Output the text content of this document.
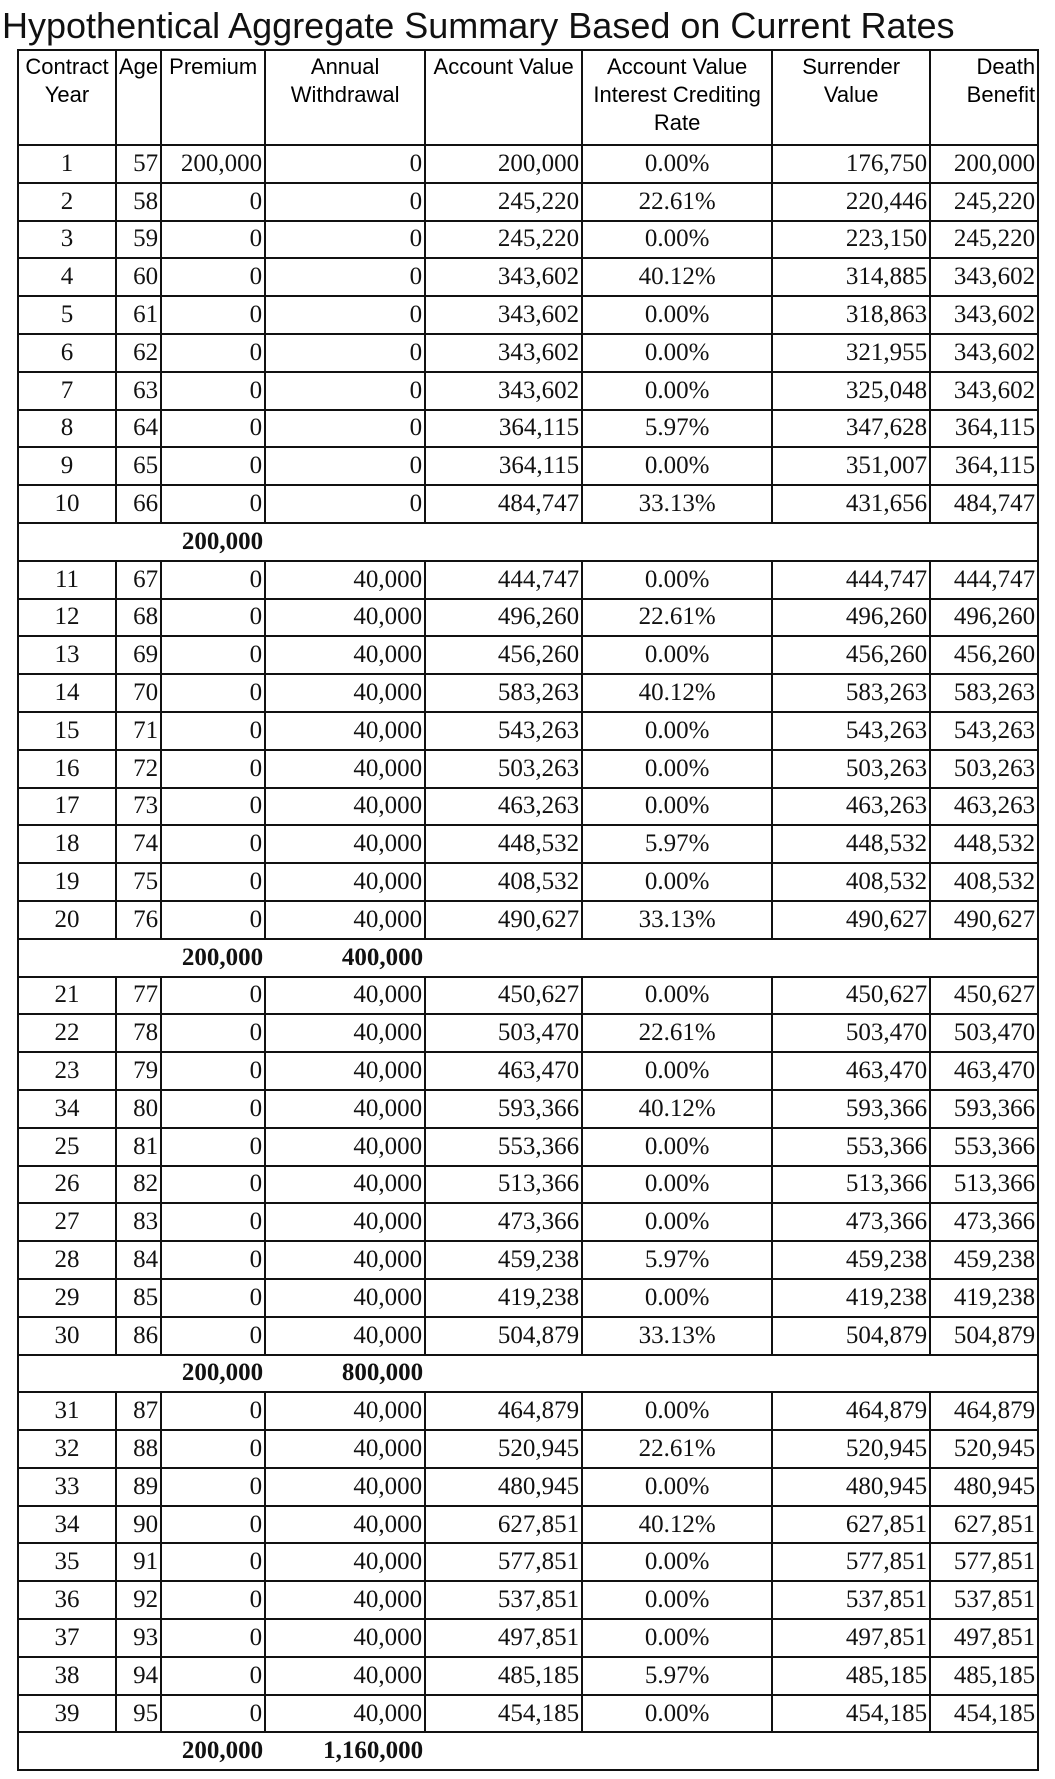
Hypothentical Aggregate Summary Based on Current Rates
Contract Year	Age	Premium	Annual Withdrawal	Account Value	Account Value Interest Crediting Rate	Surrender Value	Death Benefit
1	57	200,000	0	200,000	0.00%	176,750	200,000
2	58	0	0	245,220	22.61%	220,446	245,220
3	59	0	0	245,220	0.00%	223,150	245,220
4	60	0	0	343,602	40.12%	314,885	343,602
5	61	0	0	343,602	0.00%	318,863	343,602
6	62	0	0	343,602	0.00%	321,955	343,602
7	63	0	0	343,602	0.00%	325,048	343,602
8	64	0	0	364,115	5.97%	347,628	364,115
9	65	0	0	364,115	0.00%	351,007	364,115
10	66	0	0	484,747	33.13%	431,656	484,747
		200,000					
11	67	0	40,000	444,747	0.00%	444,747	444,747
12	68	0	40,000	496,260	22.61%	496,260	496,260
13	69	0	40,000	456,260	0.00%	456,260	456,260
14	70	0	40,000	583,263	40.12%	583,263	583,263
15	71	0	40,000	543,263	0.00%	543,263	543,263
16	72	0	40,000	503,263	0.00%	503,263	503,263
17	73	0	40,000	463,263	0.00%	463,263	463,263
18	74	0	40,000	448,532	5.97%	448,532	448,532
19	75	0	40,000	408,532	0.00%	408,532	408,532
20	76	0	40,000	490,627	33.13%	490,627	490,627
		200,000	400,000				
21	77	0	40,000	450,627	0.00%	450,627	450,627
22	78	0	40,000	503,470	22.61%	503,470	503,470
23	79	0	40,000	463,470	0.00%	463,470	463,470
34	80	0	40,000	593,366	40.12%	593,366	593,366
25	81	0	40,000	553,366	0.00%	553,366	553,366
26	82	0	40,000	513,366	0.00%	513,366	513,366
27	83	0	40,000	473,366	0.00%	473,366	473,366
28	84	0	40,000	459,238	5.97%	459,238	459,238
29	85	0	40,000	419,238	0.00%	419,238	419,238
30	86	0	40,000	504,879	33.13%	504,879	504,879
		200,000	800,000				
31	87	0	40,000	464,879	0.00%	464,879	464,879
32	88	0	40,000	520,945	22.61%	520,945	520,945
33	89	0	40,000	480,945	0.00%	480,945	480,945
34	90	0	40,000	627,851	40.12%	627,851	627,851
35	91	0	40,000	577,851	0.00%	577,851	577,851
36	92	0	40,000	537,851	0.00%	537,851	537,851
37	93	0	40,000	497,851	0.00%	497,851	497,851
38	94	0	40,000	485,185	5.97%	485,185	485,185
39	95	0	40,000	454,185	0.00%	454,185	454,185
		200,000	1,160,000				
